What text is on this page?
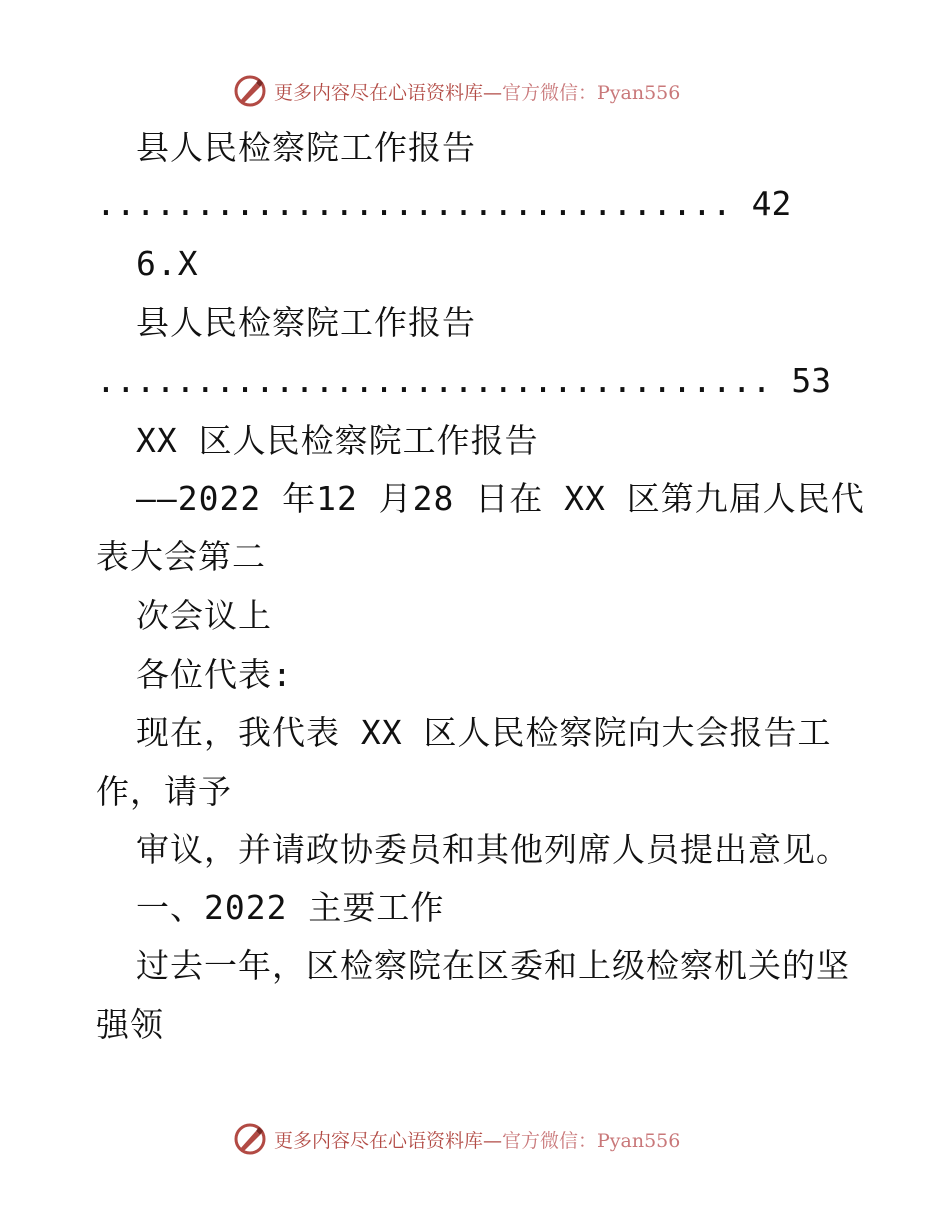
更多内容尽在心语资料库— 官方微信：Pyan556
县人民检察院工作报告
................................ 42
6.X
县人民检察院工作报告
.................................. 53
XX 区人民检察院工作报告
——2022 年12 月28 日在 XX 区第九届人民代
表大会第二
次会议上
各位代表:
现在，我代表 XX 区人民检察院向大会报告工
作，请予
审议，并请政协委员和其他列席人员提出意见。
一、2022 主要工作
过去一年，区检察院在区委和上级检察机关的坚
强领
更多内容尽在心语资料库— 官方微信：Pyan556
